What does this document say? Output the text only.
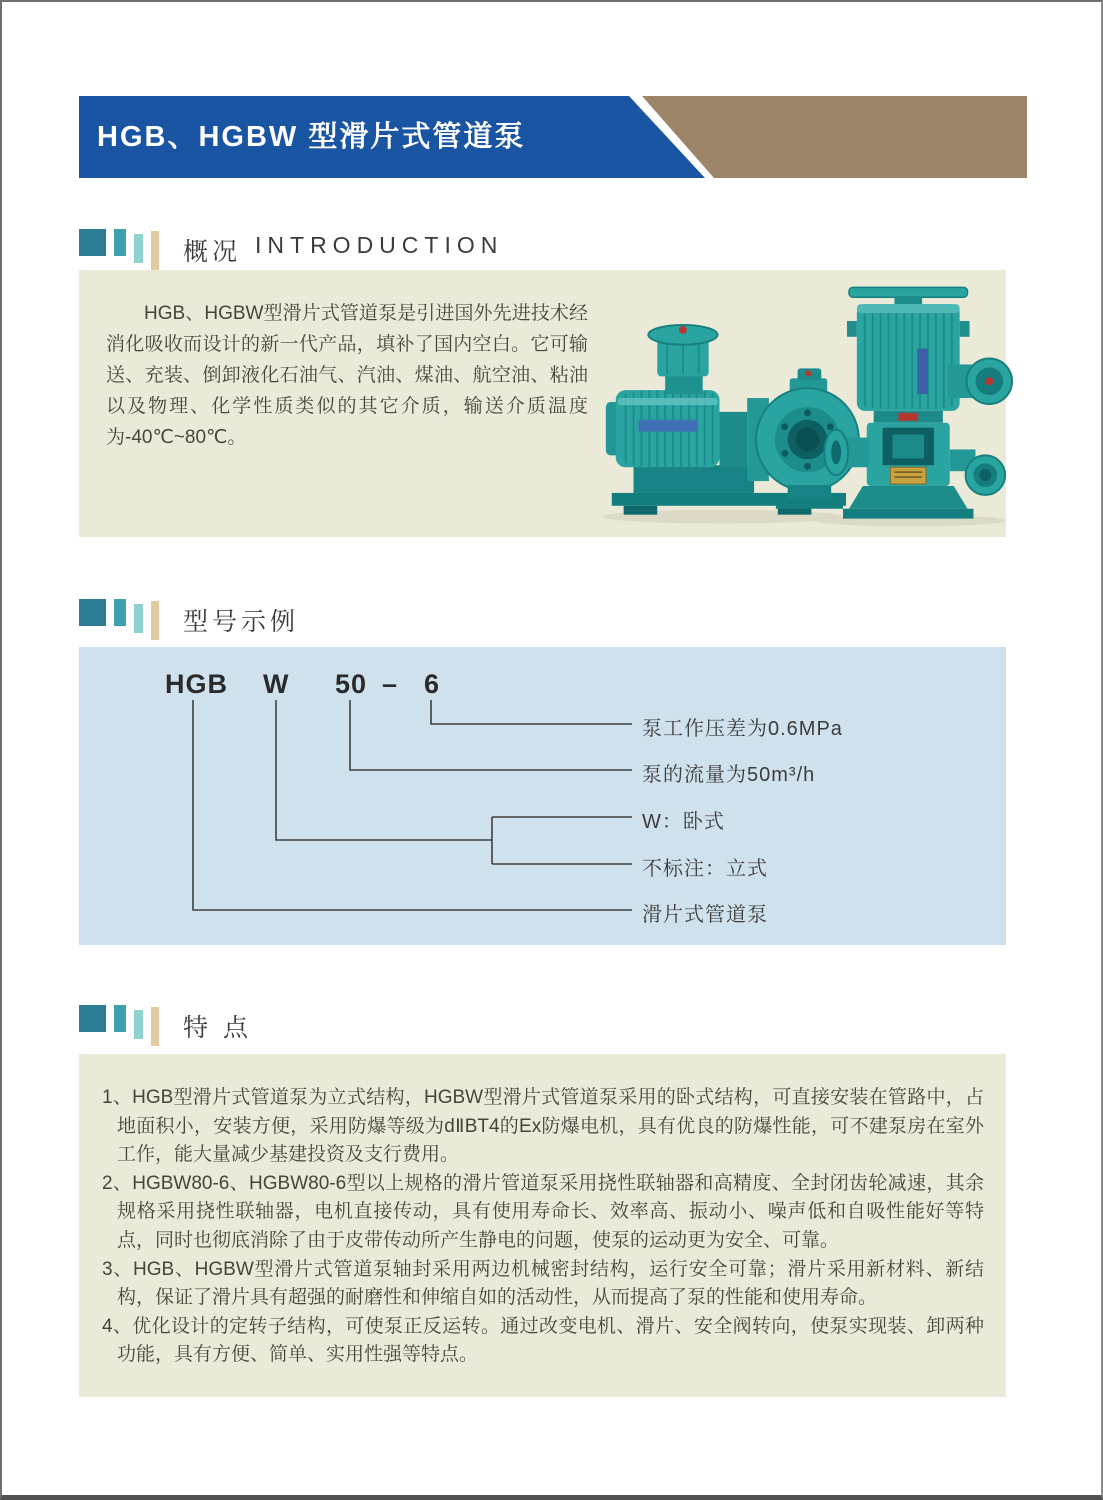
HGB、HGBW 型滑片式管道泵
概况 INTRODUCTION

HGB、HGBW型滑片式管道泵是引进国外先进技术经消化吸收而设计的新一代产品，填补了国内空白。它可输送、充装、倒卸液化石油气、汽油、煤油、航空油、粘油以及物理、化学性质类似的其它介质，输送介质温度为-40℃~80℃。

型号示例
HGB W 50 – 6
泵工作压差为0.6MPa
泵的流量为50m³/h
W：卧式
不标注：立式
滑片式管道泵
特 点
1、HGB型滑片式管道泵为立式结构，HGBW型滑片式管道泵采用的卧式结构，可直接安装在管路中，占地面积小，安装方便，采用防爆等级为dⅡBT4的Ex防爆电机，具有优良的防爆性能，可不建泵房在室外工作，能大量减少基建投资及支行费用。
2、HGBW80-6、HGBW80-6型以上规格的滑片管道泵采用挠性联轴器和高精度、全封闭齿轮减速，其余规格采用挠性联轴器，电机直接传动，具有使用寿命长、效率高、振动小、噪声低和自吸性能好等特点，同时也彻底消除了由于皮带传动所产生静电的问题，使泵的运动更为安全、可靠。
3、HGB、HGBW型滑片式管道泵轴封采用两边机械密封结构，运行安全可靠；滑片采用新材料、新结构，保证了滑片具有超强的耐磨性和伸缩自如的活动性，从而提高了泵的性能和使用寿命。
4、优化设计的定转子结构，可使泵正反运转。通过改变电机、滑片、安全阀转向，使泵实现装、卸两种功能，具有方便、简单、实用性强等特点。
